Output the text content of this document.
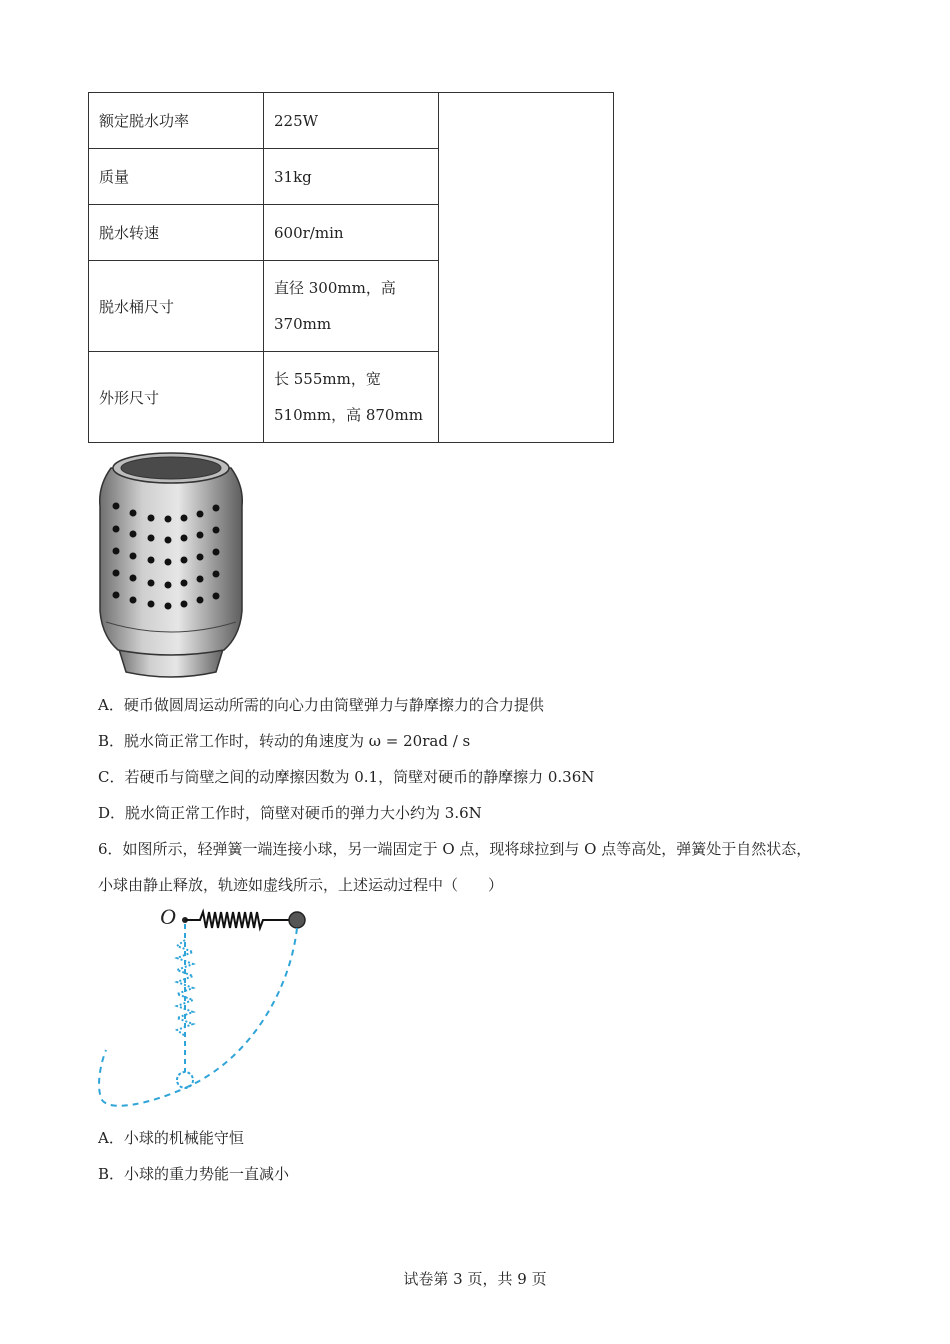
额定脱水功率	225W	

质量	31kg	

脱水转速	600r/min	

脱水桶尺寸	直径 300mm，高
370mm	

外形尺寸	长 555mm，宽
510mm，高 870mm	
A．硬币做圆周运动所需的向心力由筒壁弹力与静摩擦力的合力提供
B．脱水筒正常工作时，转动的角速度为 ω = 20rad / s
C．若硬币与筒壁之间的动摩擦因数为 0.1，筒壁对硬币的静摩擦力 0.36N
D．脱水筒正常工作时，筒壁对硬币的弹力大小约为 3.6N
6．如图所示，轻弹簧一端连接小球，另一端固定于 O 点，现将球拉到与 O 点等高处，弹簧处于自然状态，
小球由静止释放，轨迹如虚线所示，上述运动过程中（　　）
O
A．小球的机械能守恒
B．小球的重力势能一直减小
试卷第 3 页，共 9 页
